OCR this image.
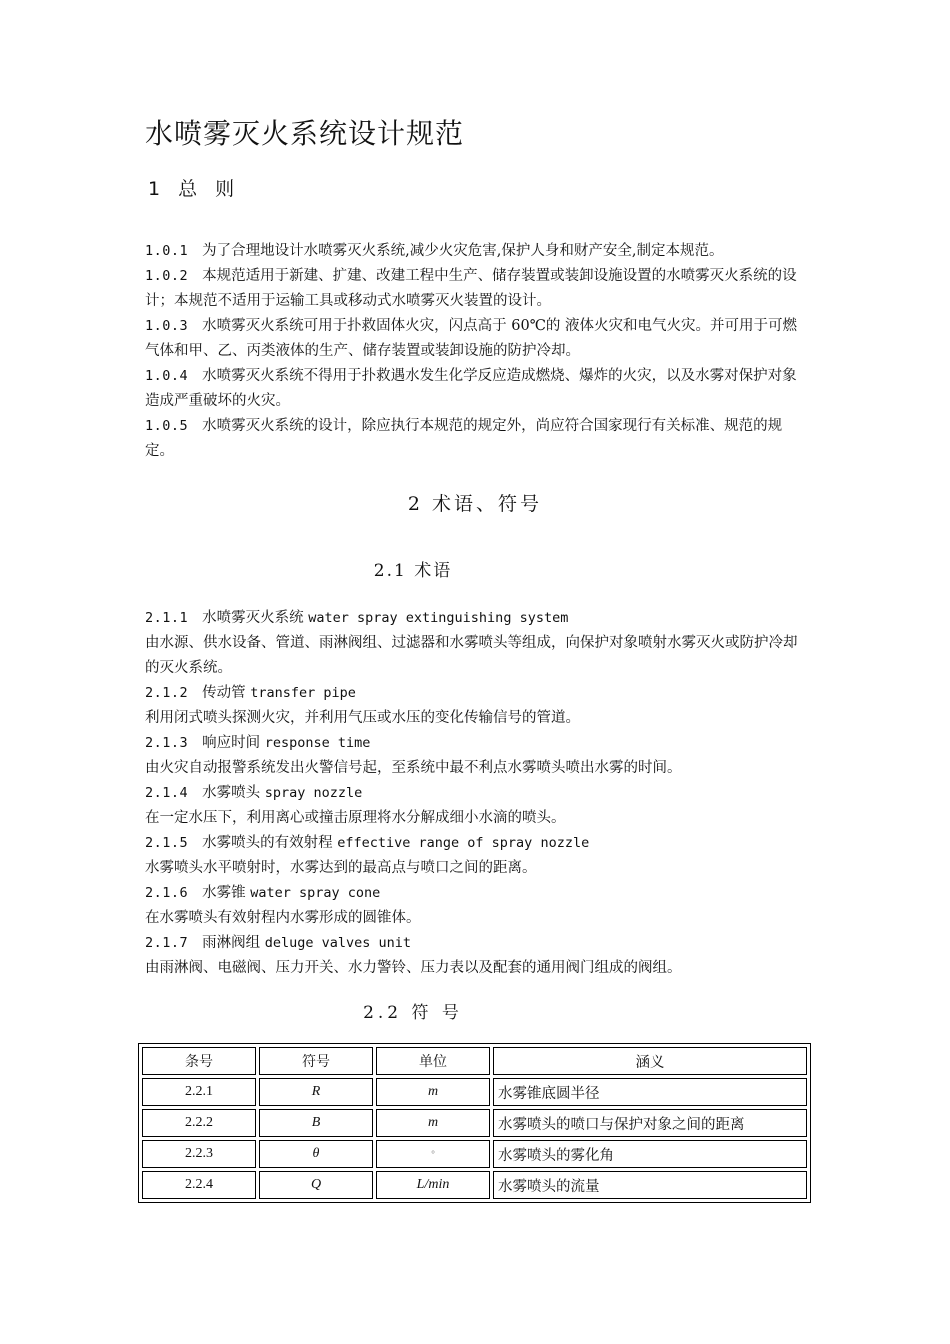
水喷雾灭火系统设计规范
1 总 则
1.0.1 为了合理地设计水喷雾灭火系统,减少火灾危害,保护人身和财产安全,制定本规范。
1.0.2 本规范适用于新建、扩建、改建工程中生产、储存装置或装卸设施设置的水喷雾灭火系统的设计；本规范不适用于运输工具或移动式水喷雾灭火装置的设计。
1.0.3 水喷雾灭火系统可用于扑救固体火灾，闪点高于 60℃的 液体火灾和电气火灾。并可用于可燃气体和甲、乙、丙类液体的生产、储存装置或装卸设施的防护冷却。
1.0.4 水喷雾灭火系统不得用于扑救遇水发生化学反应造成燃烧、爆炸的火灾，以及水雾对保护对象造成严重破坏的火灾。
1.0.5 水喷雾灭火系统的设计，除应执行本规范的规定外，尚应符合国家现行有关标准、规范的规定。
2 术语、符号
2.1 术语
2.1.1 水喷雾灭火系统 water spray extinguishing system
由水源、供水设备、管道、雨淋阀组、过滤器和水雾喷头等组成，向保护对象喷射水雾灭火或防护冷却的灭火系统。
2.1.2 传动管 transfer pipe
利用闭式喷头探测火灾，并利用气压或水压的变化传输信号的管道。
2.1.3 响应时间 response time
由火灾自动报警系统发出火警信号起，至系统中最不利点水雾喷头喷出水雾的时间。
2.1.4 水雾喷头 spray nozzle
在一定水压下，利用离心或撞击原理将水分解成细小水滴的喷头。
2.1.5 水雾喷头的有效射程 effective range of spray nozzle
水雾喷头水平喷射时，水雾达到的最高点与喷口之间的距离。
2.1.6 水雾锥 water spray cone
在水雾喷头有效射程内水雾形成的圆锥体。
2.1.7 雨淋阀组 deluge valves unit
由雨淋阀、电磁阀、压力开关、水力警铃、压力表以及配套的通用阀门组成的阀组。
2.2 符 号
条号	符号	单位	涵义
2.2.1	R	m	水雾锥底圆半径
2.2.2	B	m	水雾喷头的喷口与保护对象之间的距离
2.2.3	θ	°	水雾喷头的雾化角
2.2.4	Q	L/min	水雾喷头的流量
